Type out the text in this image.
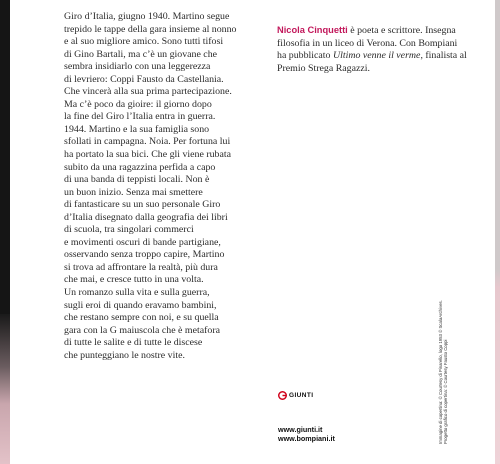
Giro d’Italia, giugno 1940. Martino segue
trepido le tappe della gara insieme al nonno
e al suo migliore amico. Sono tutti tifosi
di Gino Bartali, ma c’è un giovane che
sembra insidiarlo con una leggerezza
di levriero: Coppi Fausto da Castellania.
Che vincerà alla sua prima partecipazione.
Ma c’è poco da gioire: il giorno dopo
la fine del Giro l’Italia entra in guerra.
1944. Martino e la sua famiglia sono
sfollati in campagna. Noia. Per fortuna lui
ha portato la sua bici. Che gli viene rubata
subito da una ragazzina perfida a capo
di una banda di teppisti locali. Non è
un buon inizio. Senza mai smettere
di fantasticare su un suo personale Giro
d’Italia disegnato dalla geografia dei libri
di scuola, tra singolari commerci
e movimenti oscuri di bande partigiane,
osservando senza troppo capire, Martino
si trova ad affrontare la realtà, più dura
che mai, e cresce tutto in una volta.
Un romanzo sulla vita e sulla guerra,
sugli eroi di quando eravamo bambini,
che restano sempre con noi, e su quella
gara con la G maiuscola che è metafora
di tutte le salite e di tutte le discese
che punteggiano le nostre vite.

Nicola Cinquetti è poeta e scrittore. Insegna filosofia in un liceo di Verona. Con Bompiani ha pubblicato Ultimo venne il verme, finalista al Premio Strega Ragazzi.

GIUNTI
www.giunti.it
www.bompiani.it	Immagine di copertina: © Courtesy di Pinarello, logo 1953 © ScalaArchives. Progetto grafico di copertina: © Courtesy Fausto Coppi
